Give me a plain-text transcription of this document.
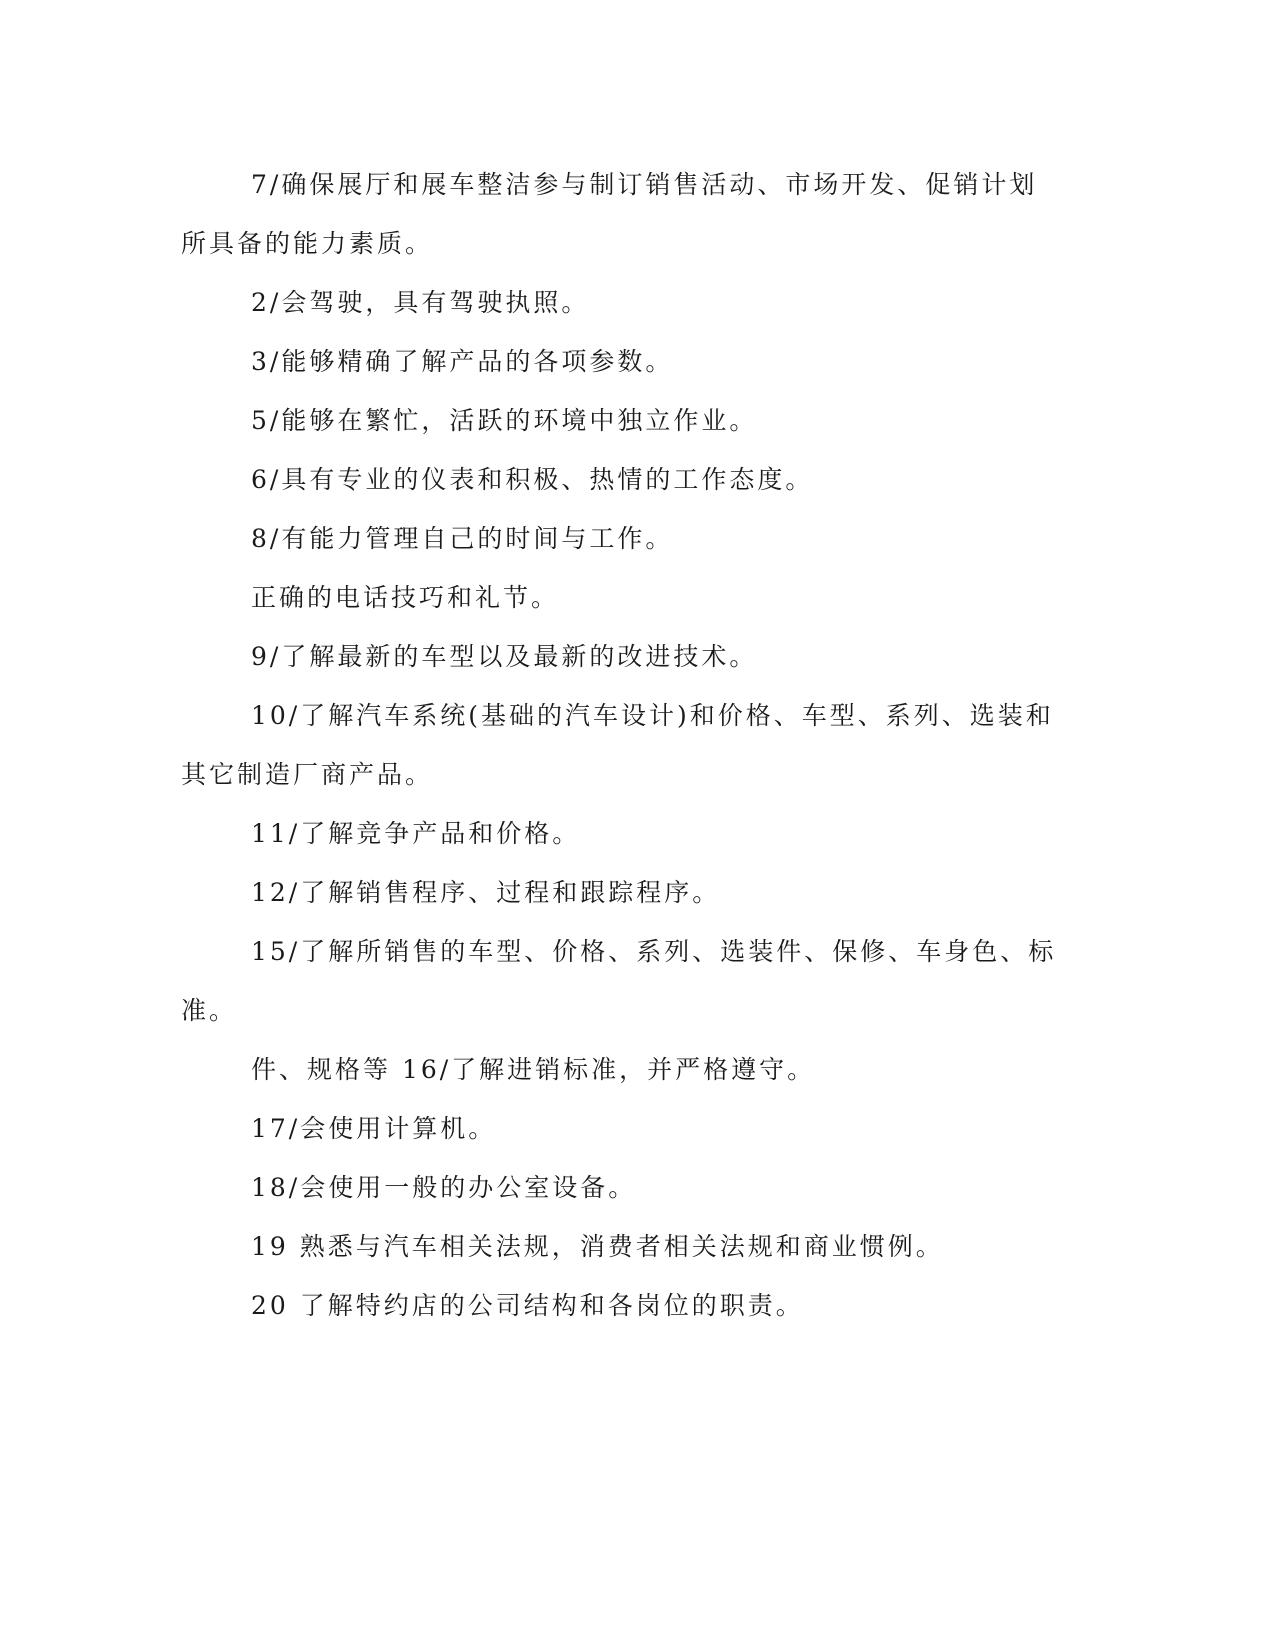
7/确保展厅和展车整洁参与制订销售活动、市场开发、促销计划所具备的能力素质。

2/会驾驶，具有驾驶执照。

3/能够精确了解产品的各项参数。

5/能够在繁忙，活跃的环境中独立作业。

6/具有专业的仪表和积极、热情的工作态度。

8/有能力管理自己的时间与工作。

正确的电话技巧和礼节。

9/了解最新的车型以及最新的改进技术。

10/了解汽车系统(基础的汽车设计)和价格、车型、系列、选装和其它制造厂商产品。

11/了解竞争产品和价格。

12/了解销售程序、过程和跟踪程序。

15/了解所销售的车型、价格、系列、选装件、保修、车身色、标准。

件、规格等 16/了解进销标准，并严格遵守。

17/会使用计算机。

18/会使用一般的办公室设备。

19 熟悉与汽车相关法规，消费者相关法规和商业惯例。

20 了解特约店的公司结构和各岗位的职责。
